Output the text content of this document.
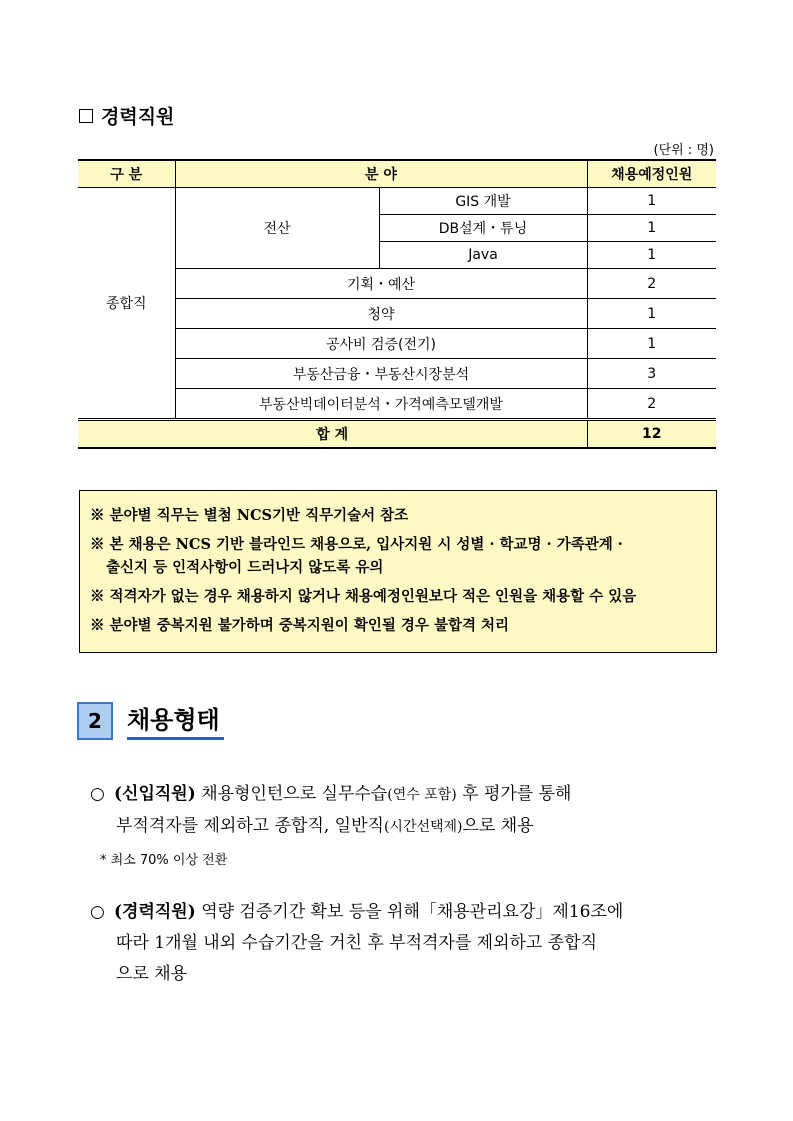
경력직원
(단위 : 명)
구 분	분 야		채용예정인원
종합직	전산	GIS 개발	1
		DB설계・튜닝	1
		Java	1
	기획・예산		2
	청약		1
	공사비 검증(전기)		1
	부동산금융・부동산시장분석		3
	부동산빅데이터분석・가격예측모델개발		2
합 계			12

※ 분야별 직무는 별첨 NCS기반 직무기술서 참조

※ 본 채용은 NCS 기반 블라인드 채용으로, 입사지원 시 성별 · 학교명 · 가족관계 ·

출신지 등 인적사항이 드러나지 않도록 유의

※ 적격자가 없는 경우 채용하지 않거나 채용예정인원보다 적은 인원을 채용할 수 있음

※ 분야별 중복지원 불가하며 중복지원이 확인될 경우 불합격 처리

2	채용형태
○ (신입직원) 채용형인턴으로 실무수습(연수 포함) 후 평가를 통해
부적격자를 제외하고 종합직, 일반직(시간선택제)으로 채용
* 최소 70% 이상 전환
○ (경력직원) 역량 검증기간 확보 등을 위해「채용관리요강」제16조에
따라 1개월 내외 수습기간을 거친 후 부적격자를 제외하고 종합직
으로 채용
